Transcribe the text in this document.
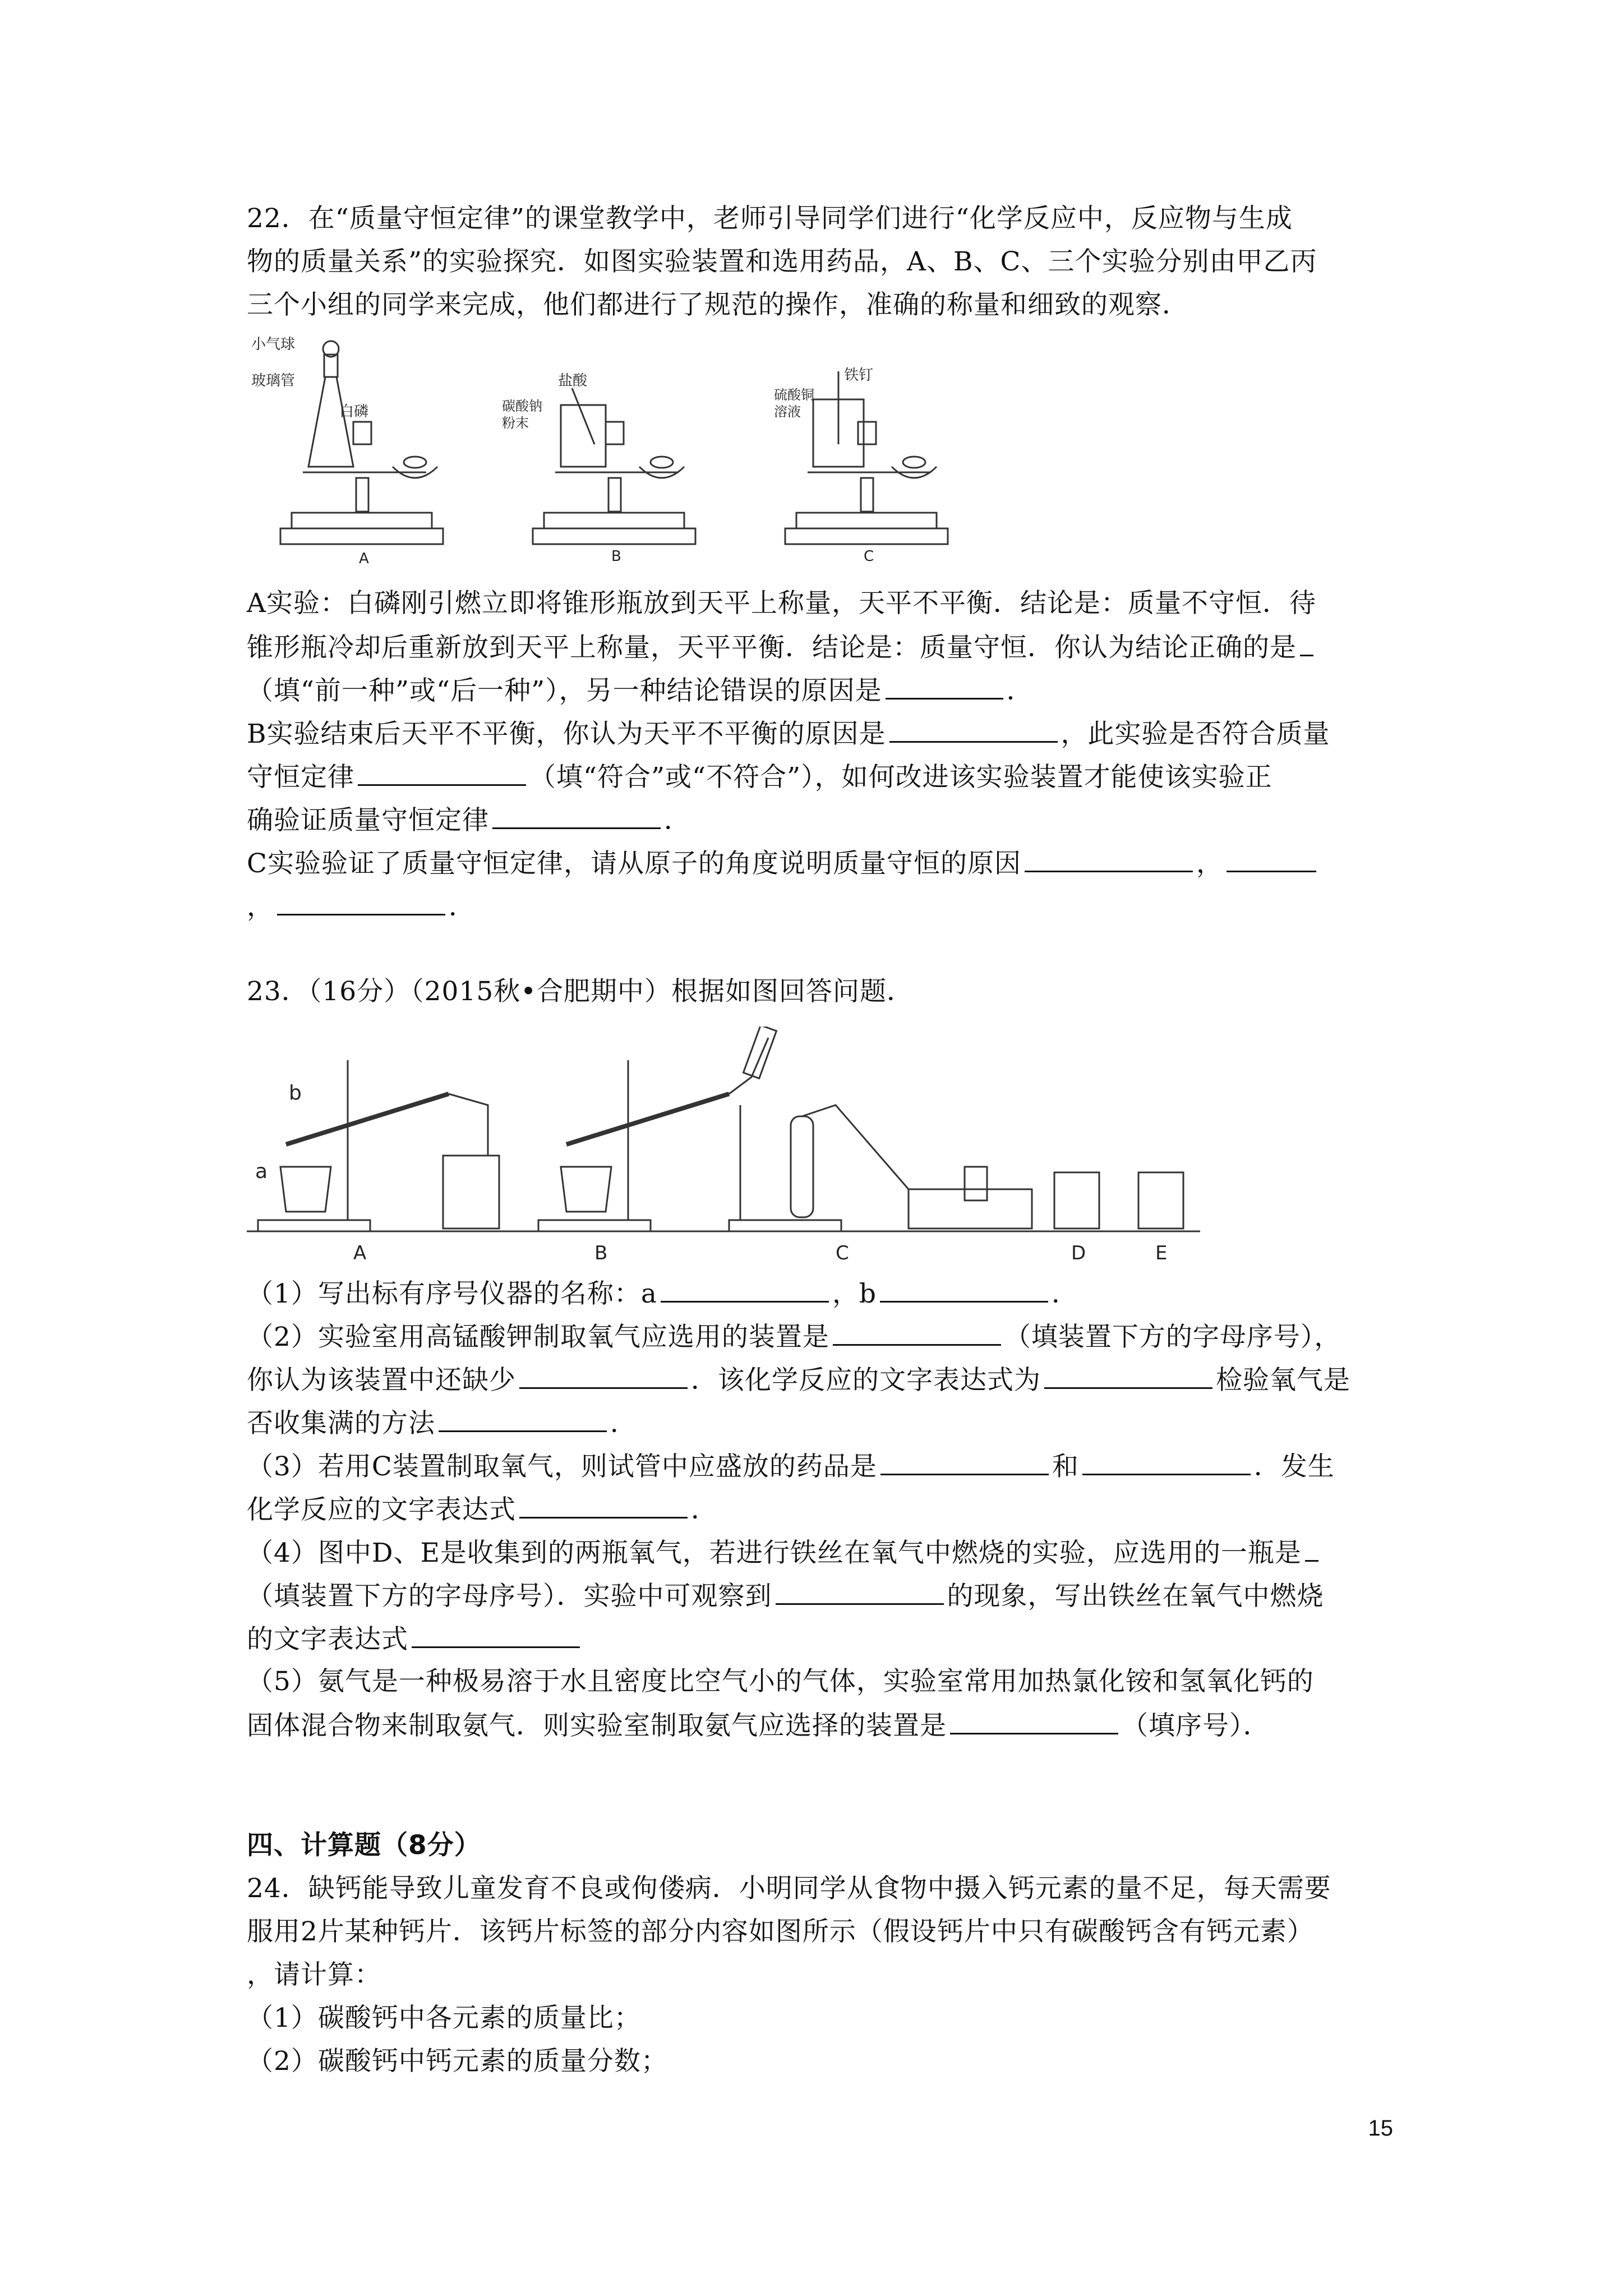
22．在“质量守恒定律”的课堂教学中，老师引导同学们进行“化学反应中，反应物与生成
物的质量关系”的实验探究．如图实验装置和选用药品，A、B、C、三个实验分别由甲乙丙
三个小组的同学来完成，他们都进行了规范的操作，准确的称量和细致的观察．
小气球
玻璃管
白磷
盐酸
碳酸钠
粉末
硫酸铜
溶液
铁钉
A	B	C
A实验：白磷刚引燃立即将锥形瓶放到天平上称量，天平不平衡．结论是：质量不守恒．待
锥形瓶冷却后重新放到天平上称量，天平平衡．结论是：质量守恒．你认为结论正确的是
（填“前一种”或“后一种”），另一种结论错误的原因是	．
B实验结束后天平不平衡，你认为天平不平衡的原因是	，此实验是否符合质量
守恒定律	（填“符合”或“不符合”），如何改进该实验装置才能使该实验正
确验证质量守恒定律	．
C实验验证了质量守恒定律，请从原子的角度说明质量守恒的原因	，
，	．
23．（16分）（2015秋•合肥期中）根据如图回答问题．
a
b
A	B	C	D	E
（1）写出标有序号仪器的名称：a	，b	．
（2）实验室用高锰酸钾制取氧气应选用的装置是	（填装置下方的字母序号），
你认为该装置中还缺少	．该化学反应的文字表达式为	检验氧气是
否收集满的方法	．
（3）若用C装置制取氧气，则试管中应盛放的药品是	和	．发生
化学反应的文字表达式	．
（4）图中D、E是收集到的两瓶氧气，若进行铁丝在氧气中燃烧的实验，应选用的一瓶是
（填装置下方的字母序号）．实验中可观察到	的现象，写出铁丝在氧气中燃烧
的文字表达式
（5）氨气是一种极易溶于水且密度比空气小的气体，实验室常用加热氯化铵和氢氧化钙的
固体混合物来制取氨气．则实验室制取氨气应选择的装置是	（填序号）．
四、计算题（8分）
24．缺钙能导致儿童发育不良或佝偻病．小明同学从食物中摄入钙元素的量不足，每天需要
服用2片某种钙片．该钙片标签的部分内容如图所示（假设钙片中只有碳酸钙含有钙元素）
，请计算：
（1）碳酸钙中各元素的质量比；
（2）碳酸钙中钙元素的质量分数；
15
